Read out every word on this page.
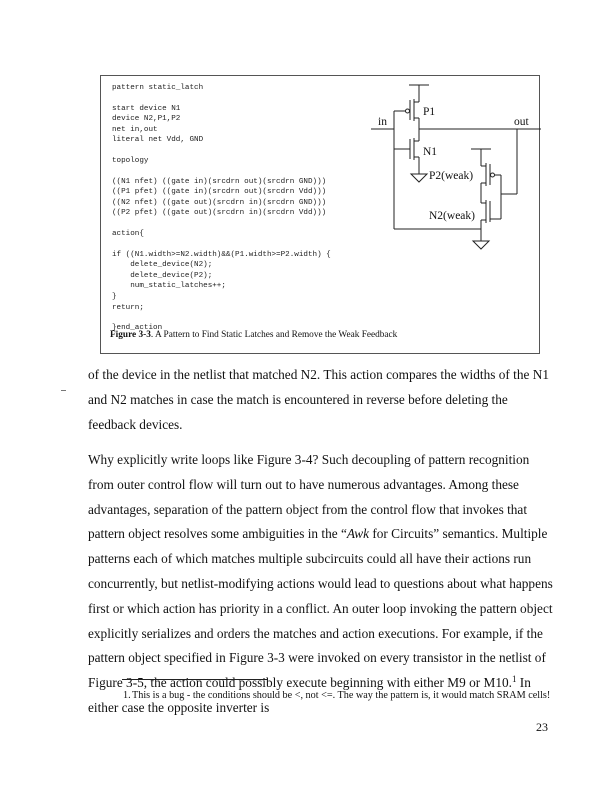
pattern static_latch

start device N1
device N2,P1,P2
net in,out
literal net Vdd, GND

topology

((N1 nfet) ((gate in)(srcdrn out)(srcdrn GND)))
((P1 pfet) ((gate in)(srcdrn out)(srcdrn Vdd)))
((N2 nfet) ((gate out)(srcdrn in)(srcdrn GND)))
((P2 pfet) ((gate out)(srcdrn in)(srcdrn Vdd)))

action{

if ((N1.width>=N2.width)&&(P1.width>=P2.width) {
delete_device(N2);
delete_device(P2);
num_static_latches++;
}
return;

}end_action
in	out
P1
N1
P2(weak)
N2(weak)
Figure 3-3. A Pattern to Find Static Latches and Remove the Weak Feedback

of the device in the netlist that matched N2. This action compares the widths of the N1 and N2 matches in case the match is encountered in reverse before deleting the feedback devices.

Why explicitly write loops like Figure 3-4? Such decoupling of pattern recognition from outer control flow will turn out to have numerous advantages. Among these advantages, separation of the pattern object from the control flow that invokes that pattern object resolves some ambiguities in the “Awk for Circuits” semantics. Multiple patterns each of which matches multiple subcircuits could all have their actions run concurrently, but netlist-modifying actions would lead to questions about what happens first or which action has priority in a conflict. An outer loop invoking the pattern object explicitly serializes and orders the matches and action executions. For example, if the pattern object specified in Figure 3-3 were invoked on every transistor in the netlist of Figure 3-5, the action could possibly execute beginning with either M9 or M10.$^1$ In either case the opposite inverter is

1. This is a bug - the conditions should be <, not <=. The way the pattern is, it would match SRAM cells!
23
